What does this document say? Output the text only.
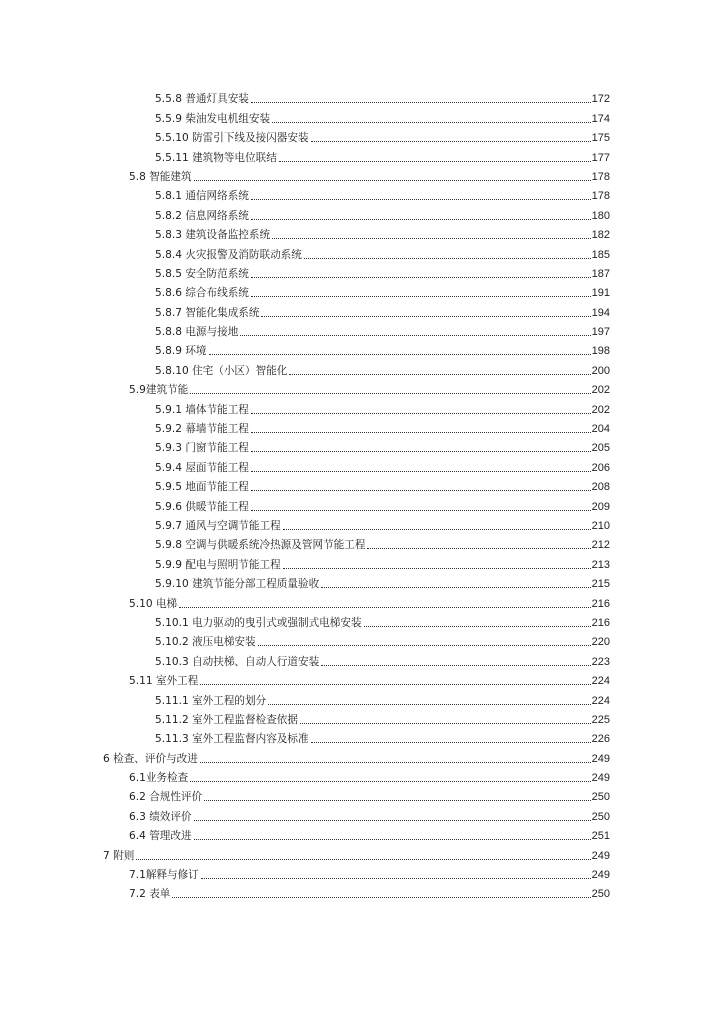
5.5.8 普通灯具安装	172
5.5.9 柴油发电机组安装	174
5.5.10 防雷引下线及接闪器安装	175
5.5.11 建筑物等电位联结	177
5.8 智能建筑	178
5.8.1 通信网络系统	178
5.8.2 信息网络系统	180
5.8.3 建筑设备监控系统	182
5.8.4 火灾报警及消防联动系统	185
5.8.5 安全防范系统	187
5.8.6 综合布线系统	191
5.8.7 智能化集成系统	194
5.8.8 电源与接地	197
5.8.9 环境	198
5.8.10 住宅（小区）智能化	200
5.9建筑节能	202
5.9.1 墙体节能工程	202
5.9.2 幕墙节能工程	204
5.9.3 门窗节能工程	205
5.9.4 屋面节能工程	206
5.9.5 地面节能工程	208
5.9.6 供暖节能工程	209
5.9.7 通风与空调节能工程	210
5.9.8 空调与供暖系统冷热源及管网节能工程	212
5.9.9 配电与照明节能工程	213
5.9.10 建筑节能分部工程质量验收	215
5.10 电梯	216
5.10.1 电力驱动的曳引式或强制式电梯安装	216
5.10.2 液压电梯安装	220
5.10.3 自动扶梯、自动人行道安装	223
5.11 室外工程	224
5.11.1 室外工程的划分	224
5.11.2 室外工程监督检查依据	225
5.11.3 室外工程监督内容及标准	226
6 检查、评价与改进	249
6.1业务检查	249
6.2 合规性评价	250
6.3 绩效评价	250
6.4 管理改进	251
7 附则	249
7.1解释与修订	249
7.2 表单	250
